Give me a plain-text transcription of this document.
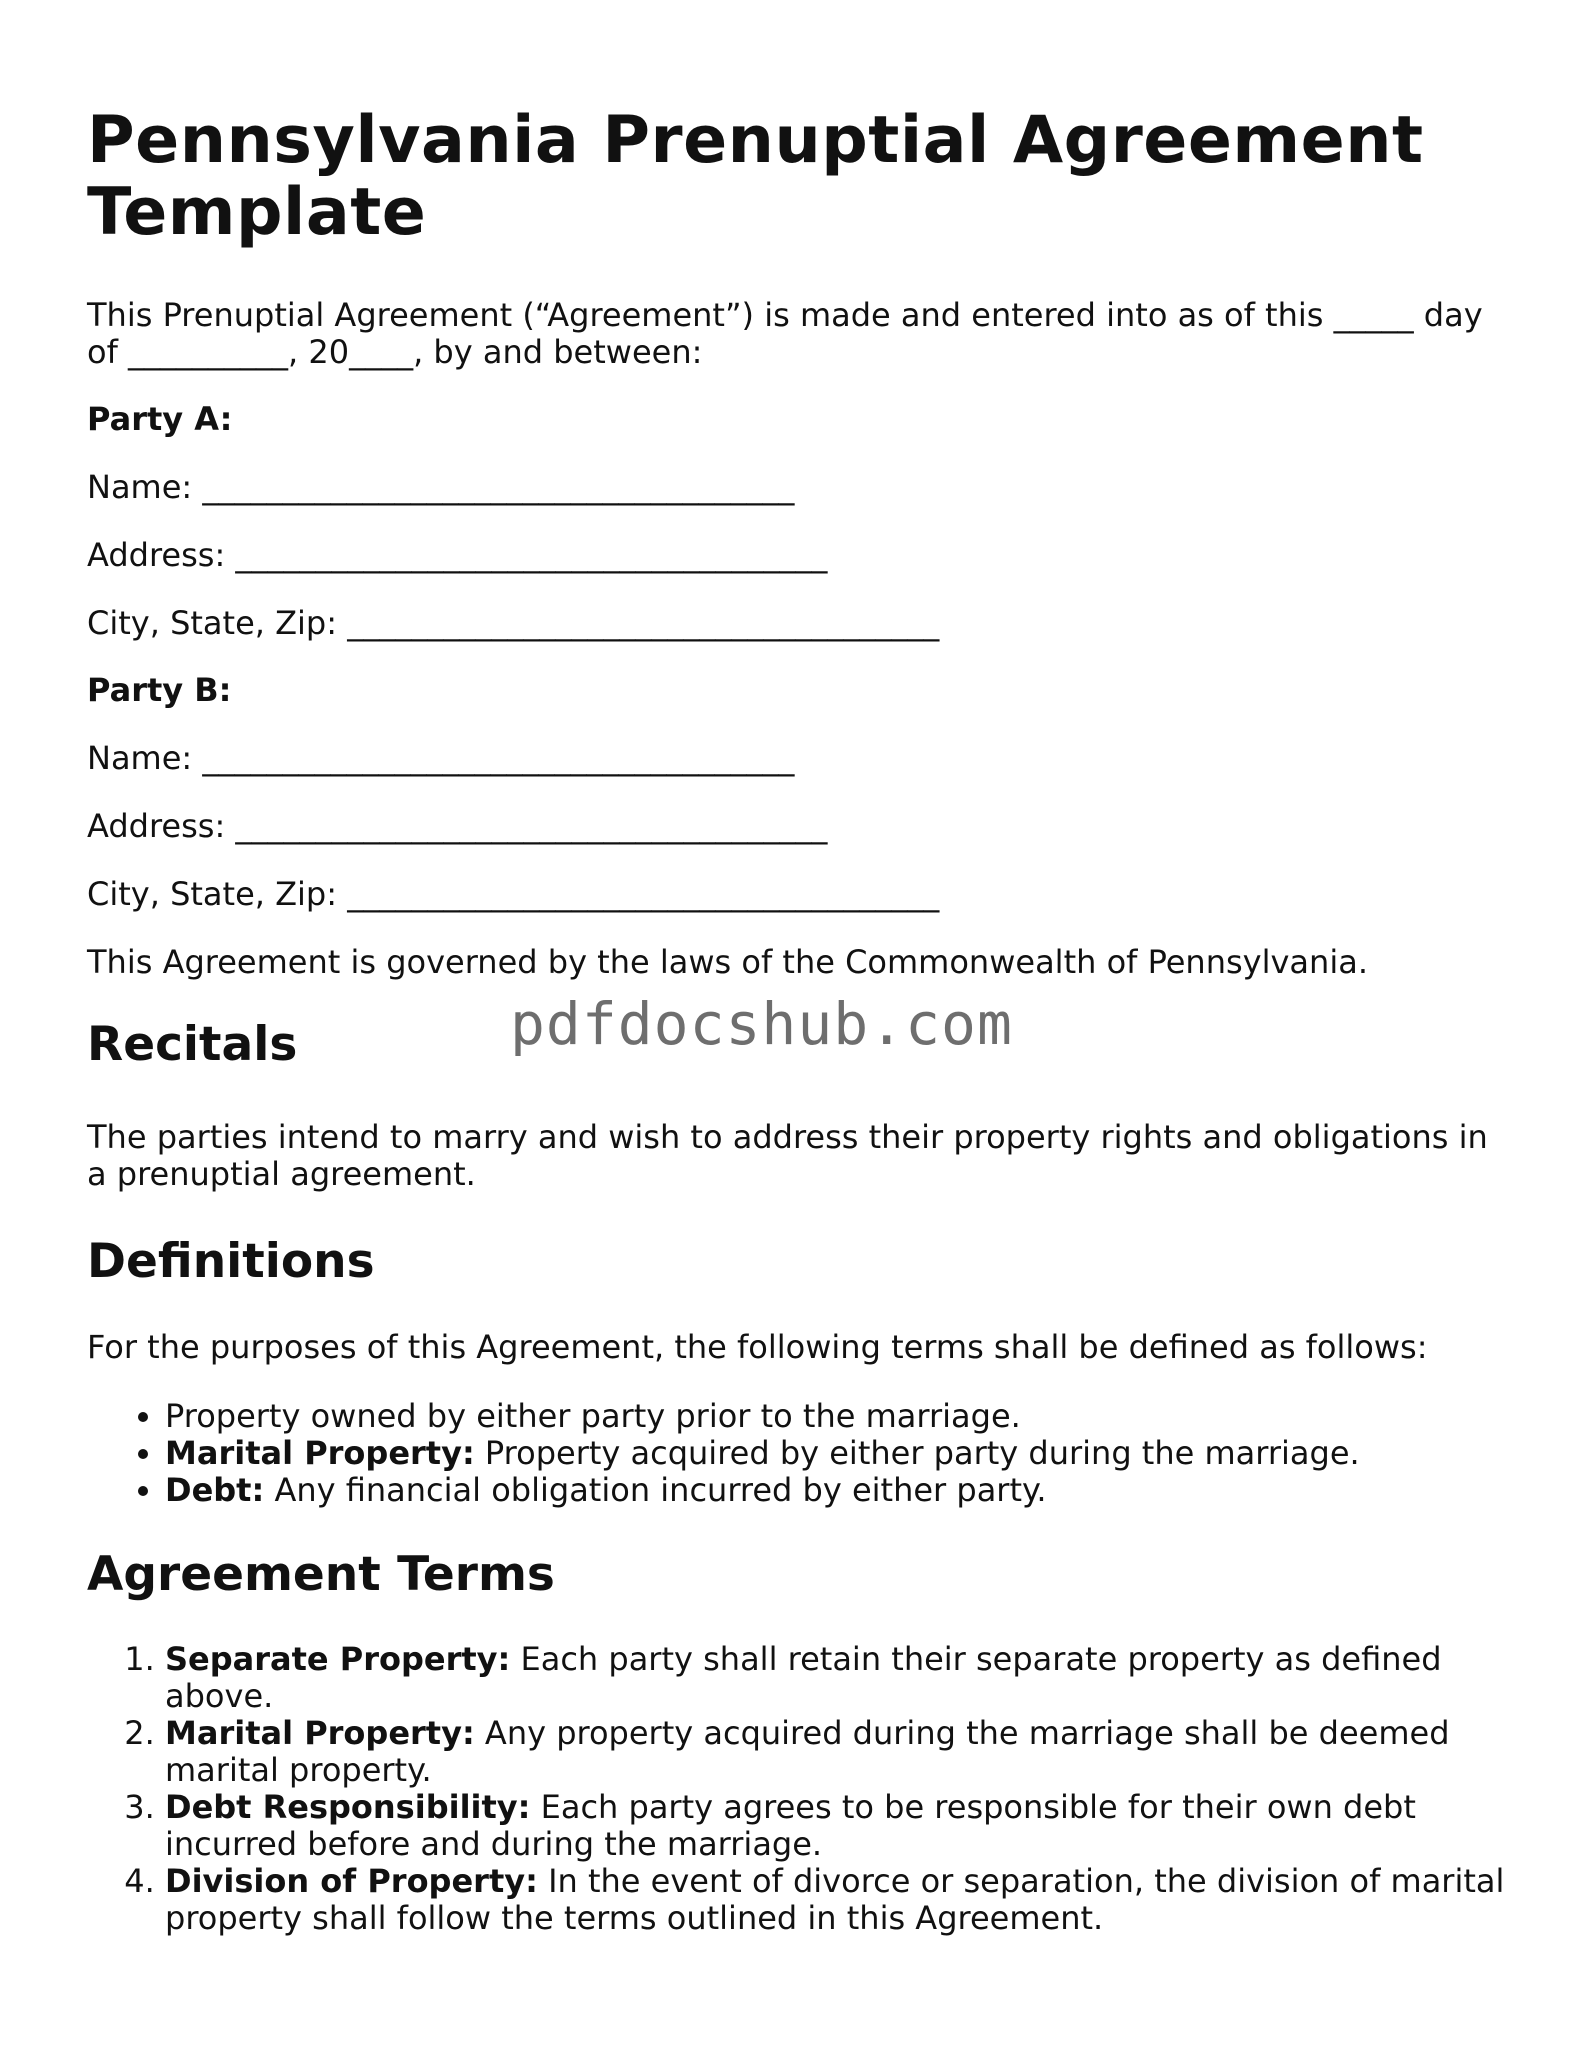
Pennsylvania Prenuptial Agreement Template

This Prenuptial Agreement (“Agreement”) is made and entered into as of this _____ day of __________, 20____, by and between:

Party A:

Name: _____________________________________

Address: _____________________________________

City, State, Zip: _____________________________________

Party B:

Name: _____________________________________

Address: _____________________________________

City, State, Zip: _____________________________________

This Agreement is governed by the laws of the Commonwealth of Pennsylvania.

Recitals

The parties intend to marry and wish to address their property rights and obligations in a prenuptial agreement.

Definitions

For the purposes of this Agreement, the following terms shall be defined as follows:

• Property owned by either party prior to the marriage.
• Marital Property: Property acquired by either party during the marriage.
• Debt: Any financial obligation incurred by either party.
Agreement Terms
1. Separate Property: Each party shall retain their separate property as defined above.
2. Marital Property: Any property acquired during the marriage shall be deemed marital property.
3. Debt Responsibility: Each party agrees to be responsible for their own debt incurred before and during the marriage.
4. Division of Property: In the event of divorce or separation, the division of marital property shall follow the terms outlined in this Agreement.
pdfdocshub.com
